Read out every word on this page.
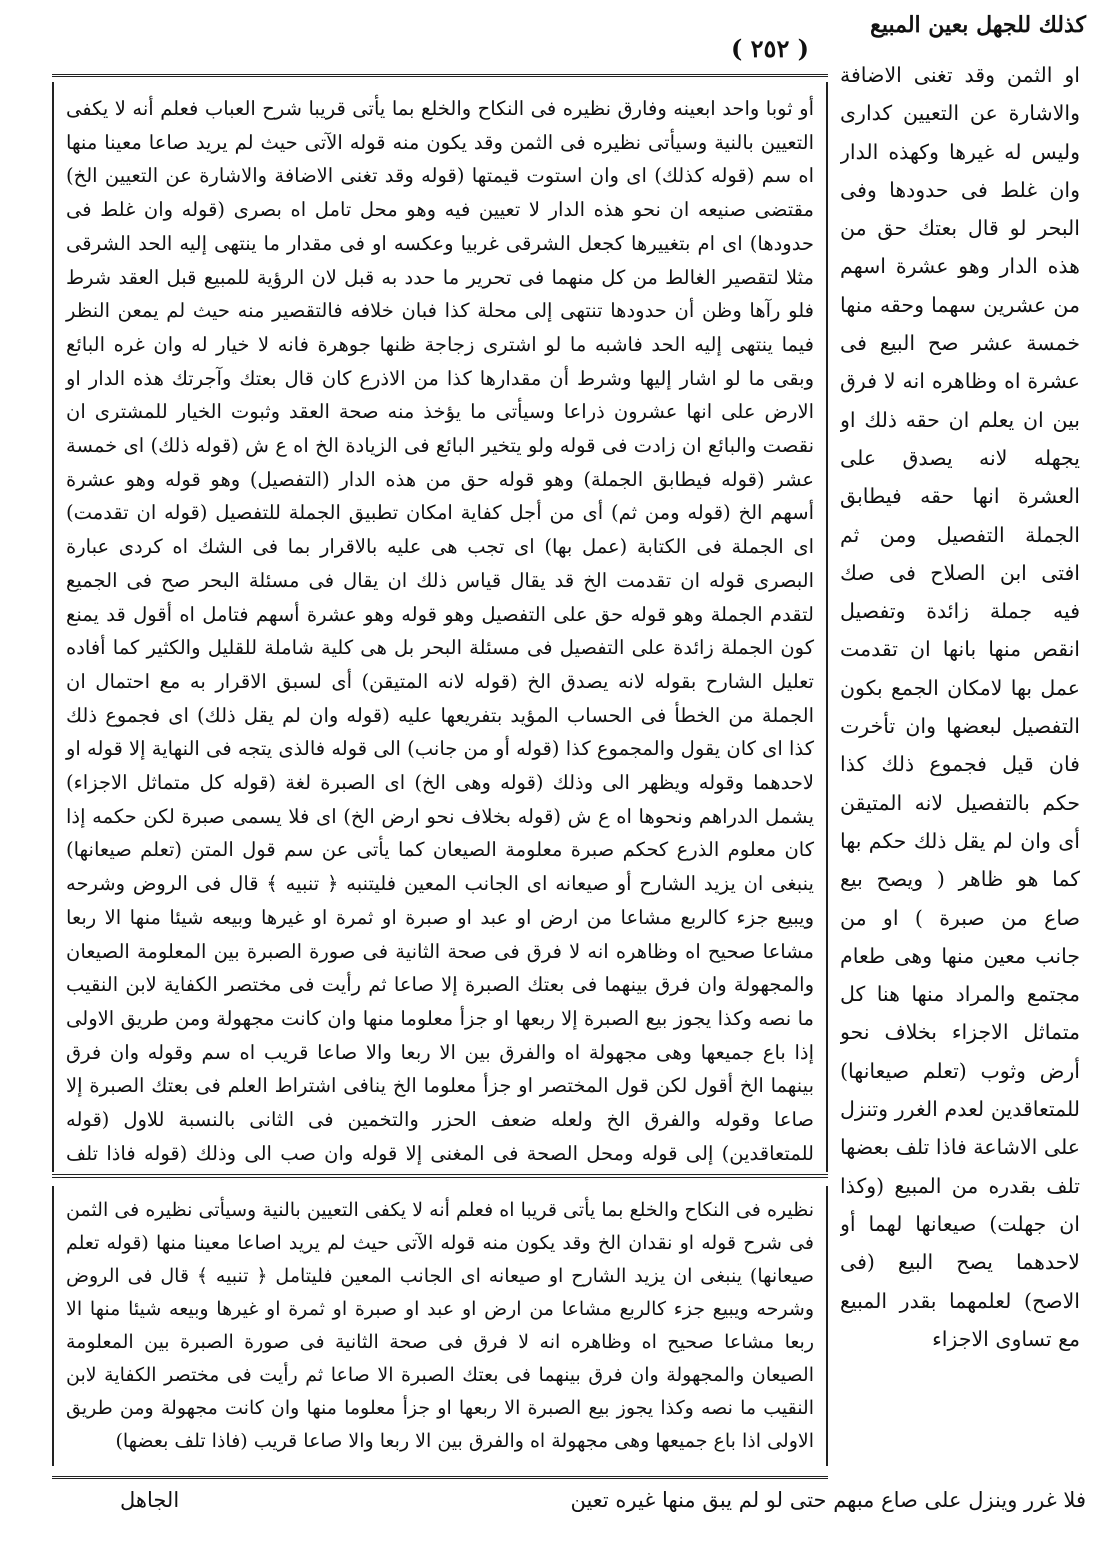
كذلك للجهل بعين المبيع
( ٢٥٢ )
أو ثوبا واحد ابعينه وفارق نظيره فى النكاح والخلع بما يأتى قريبا شرح العباب فعلم أنه لا يكفى التعيين بالنية وسيأتى نظيره فى الثمن وقد يكون منه قوله الآتى حيث لم يريد صاعا معينا منها اه سم (قوله كذلك) اى وان استوت قيمتها (قوله وقد تغنى الاضافة والاشارة عن التعيين الخ) مقتضى صنيعه ان نحو هذه الدار لا تعيين فيه وهو محل تامل اه بصرى (قوله وان غلط فى حدودها) اى ام بتغييرها كجعل الشرقى غربيا وعكسه او فى مقدار ما ينتهى إليه الحد الشرقى مثلا لتقصير الغالط من كل منهما فى تحرير ما حدد به قبل لان الرؤية للمبيع قبل العقد شرط فلو رآها وظن أن حدودها تنتهى إلى محلة كذا فبان خلافه فالتقصير منه حيث لم يمعن النظر فيما ينتهى إليه الحد فاشبه ما لو اشترى زجاجة ظنها جوهرة فانه لا خيار له وان غره البائع وبقى ما لو اشار إليها وشرط أن مقدارها كذا من الاذرع كان قال بعتك وآجرتك هذه الدار او الارض على انها عشرون ذراعا وسيأتى ما يؤخذ منه صحة العقد وثبوت الخيار للمشترى ان نقصت والبائع ان زادت فى قوله ولو يتخير البائع فى الزيادة الخ اه ع ش (قوله ذلك) اى خمسة عشر (قوله فيطابق الجملة) وهو قوله حق من هذه الدار (التفصيل) وهو قوله وهو عشرة أسهم الخ (قوله ومن ثم) أى من أجل كفاية امكان تطبيق الجملة للتفصيل (قوله ان تقدمت) اى الجملة فى الكتابة (عمل بها) اى تجب هى عليه بالاقرار بما فى الشك اه كردى عبارة البصرى قوله ان تقدمت الخ قد يقال قياس ذلك ان يقال فى مسئلة البحر صح فى الجميع لتقدم الجملة وهو قوله حق على التفصيل وهو قوله وهو عشرة أسهم فتامل اه أقول قد يمنع كون الجملة زائدة على التفصيل فى مسئلة البحر بل هى كلية شاملة للقليل والكثير كما أفاده تعليل الشارح بقوله لانه يصدق الخ (قوله لانه المتيقن) أى لسبق الاقرار به مع احتمال ان الجملة من الخطأ فى الحساب المؤيد بتفريعها عليه (قوله وان لم يقل ذلك) اى فجموع ذلك كذا اى كان يقول والمجموع كذا (قوله أو من جانب) الى قوله فالذى يتجه فى النهاية إلا قوله او لاحدهما وقوله ويظهر الى وذلك (قوله وهى الخ) اى الصبرة لغة (قوله كل متماثل الاجزاء) يشمل الدراهم ونحوها اه ع ش (قوله بخلاف نحو ارض الخ) اى فلا يسمى صبرة لكن حكمه إذا كان معلوم الذرع كحكم صبرة معلومة الصيعان كما يأتى عن سم قول المتن (تعلم صيعانها) ينبغى ان يزيد الشارح أو صيعانه اى الجانب المعين فليتنبه ﴿ تنبيه ﴾ قال فى الروض وشرحه ويبيع جزء كالربع مشاعا من ارض او عبد او صبرة او ثمرة او غيرها وبيعه شيئا منها الا ربعا مشاعا صحيح اه وظاهره انه لا فرق فى صحة الثانية فى صورة الصبرة بين المعلومة الصيعان والمجهولة وان فرق بينهما فى بعتك الصبرة إلا صاعا ثم رأيت فى مختصر الكفاية لابن النقيب ما نصه وكذا يجوز بيع الصبرة إلا ربعها او جزأ معلوما منها وان كانت مجهولة ومن طريق الاولى إذا باع جميعها وهى مجهولة اه والفرق بين الا ربعا والا صاعا قريب اه سم وقوله وان فرق بينهما الخ أقول لكن قول المختصر او جزأ معلوما الخ ينافى اشتراط العلم فى بعتك الصبرة إلا صاعا وقوله والفرق الخ ولعله ضعف الحزر والتخمين فى الثانى بالنسبة للاول (قوله للمتعاقدين) إلى قوله ومحل الصحة فى المغنى إلا قوله وان صب الى وذلك (قوله فاذا تلف
نظيره فى النكاح والخلع بما يأتى قريبا اه فعلم أنه لا يكفى التعيين بالنية وسيأتى نظيره فى الثمن فى شرح قوله او نقدان الخ وقد يكون منه قوله الآتى حيث لم يريد اصاعا معينا منها (قوله تعلم صيعانها) ينبغى ان يزيد الشارح او صيعانه اى الجانب المعين فليتامل ﴿ تنبيه ﴾ قال فى الروض وشرحه ويبيع جزء كالربع مشاعا من ارض او عبد او صبرة او ثمرة او غيرها وبيعه شيئا منها الا ربعا مشاعا صحيح اه وظاهره انه لا فرق فى صحة الثانية فى صورة الصبرة بين المعلومة الصيعان والمجهولة وان فرق بينهما فى بعتك الصبرة الا صاعا ثم رأيت فى مختصر الكفاية لابن النقيب ما نصه وكذا يجوز بيع الصبرة الا ربعها او جزأ معلوما منها وان كانت مجهولة ومن طريق الاولى اذا باع جميعها وهى مجهولة اه والفرق بين الا ربعا والا صاعا قريب (فاذا تلف بعضها)
او الثمن وقد تغنى الاضافة والاشارة عن التعيين كدارى وليس له غيرها وكهذه الدار وان غلط فى حدودها وفى البحر لو قال بعتك حق من هذه الدار وهو عشرة اسهم من عشرين سهما وحقه منها خمسة عشر صح البيع فى عشرة اه وظاهره انه لا فرق بين ان يعلم ان حقه ذلك او يجهله لانه يصدق على العشرة انها حقه فيطابق الجملة التفصيل ومن ثم افتى ابن الصلاح فى صك فيه جملة زائدة وتفصيل انقص منها بانها ان تقدمت عمل بها لامكان الجمع بكون التفصيل لبعضها وان تأخرت فان قيل فجموع ذلك كذا حكم بالتفصيل لانه المتيقن أى وان لم يقل ذلك حكم بها كما هو ظاهر ( ويصح بيع صاع من صبرة ) او من جانب معين منها وهى طعام مجتمع والمراد منها هنا كل متماثل الاجزاء بخلاف نحو أرض وثوب (تعلم صيعانها) للمتعاقدين لعدم الغرر وتنزل على الاشاعة فاذا تلف بعضها تلف بقدره من المبيع (وكذا ان جهلت) صيعانها لهما أو لاحدهما يصح البيع (فى الاصح) لعلمهما بقدر المبيع مع تساوى الاجزاء
فلا غرر وينزل على صاع مبهم حتى لو لم يبق منها غيره تعين
الجاهل
